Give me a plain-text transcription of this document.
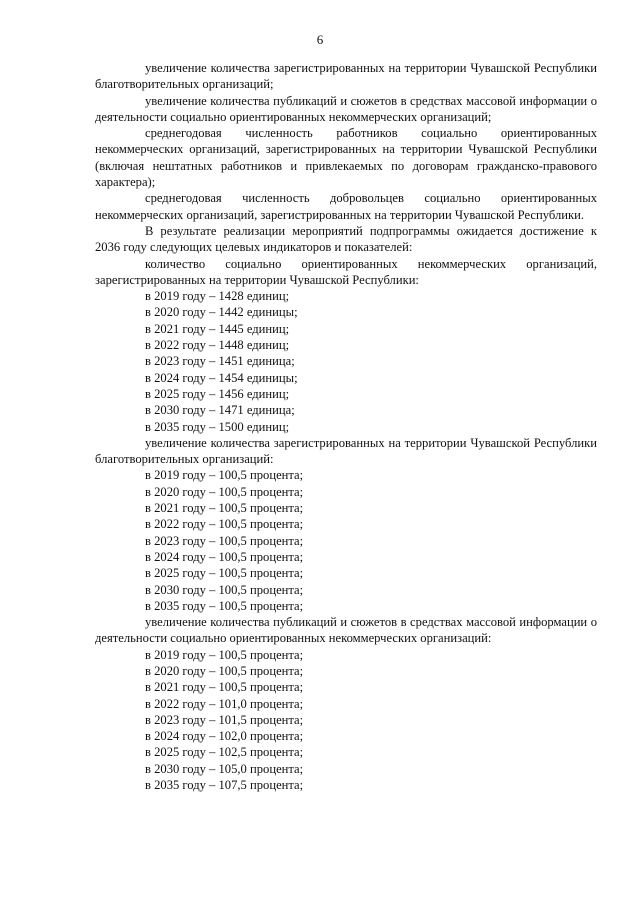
6

увеличение количества зарегистрированных на территории Чувашской Республики благотворительных организаций;

увеличение количества публикаций и сюжетов в средствах массовой информации о деятельности социально ориентированных некоммерческих организаций;

среднегодовая численность работников социально ориентированных некоммерческих организаций, зарегистрированных на территории Чувашской Республики (включая нештатных работников и привлекаемых по договорам гражданско-правового характера);

среднегодовая численность добровольцев социально ориентированных некоммерческих организаций, зарегистрированных на территории Чувашской Республики.

В результате реализации мероприятий подпрограммы ожидается достижение к 2036 году следующих целевых индикаторов и показателей:

количество социально ориентированных некоммерческих организаций, зарегистрированных на территории Чувашской Республики:

в 2019 году – 1428 единиц;
в 2020 году – 1442 единицы;
в 2021 году – 1445 единиц;
в 2022 году – 1448 единиц;
в 2023 году – 1451 единица;
в 2024 году – 1454 единицы;
в 2025 году – 1456 единиц;
в 2030 году – 1471 единица;
в 2035 году – 1500 единиц;

увеличение количества зарегистрированных на территории Чувашской Республики благотворительных организаций:

в 2019 году – 100,5 процента;
в 2020 году – 100,5 процента;
в 2021 году – 100,5 процента;
в 2022 году – 100,5 процента;
в 2023 году – 100,5 процента;
в 2024 году – 100,5 процента;
в 2025 году – 100,5 процента;
в 2030 году – 100,5 процента;
в 2035 году – 100,5 процента;

увеличение количества публикаций и сюжетов в средствах массовой информации о деятельности социально ориентированных некоммерческих организаций:

в 2019 году – 100,5 процента;
в 2020 году – 100,5 процента;
в 2021 году – 100,5 процента;
в 2022 году – 101,0 процента;
в 2023 году – 101,5 процента;
в 2024 году – 102,0 процента;
в 2025 году – 102,5 процента;
в 2030 году – 105,0 процента;
в 2035 году – 107,5 процента;
